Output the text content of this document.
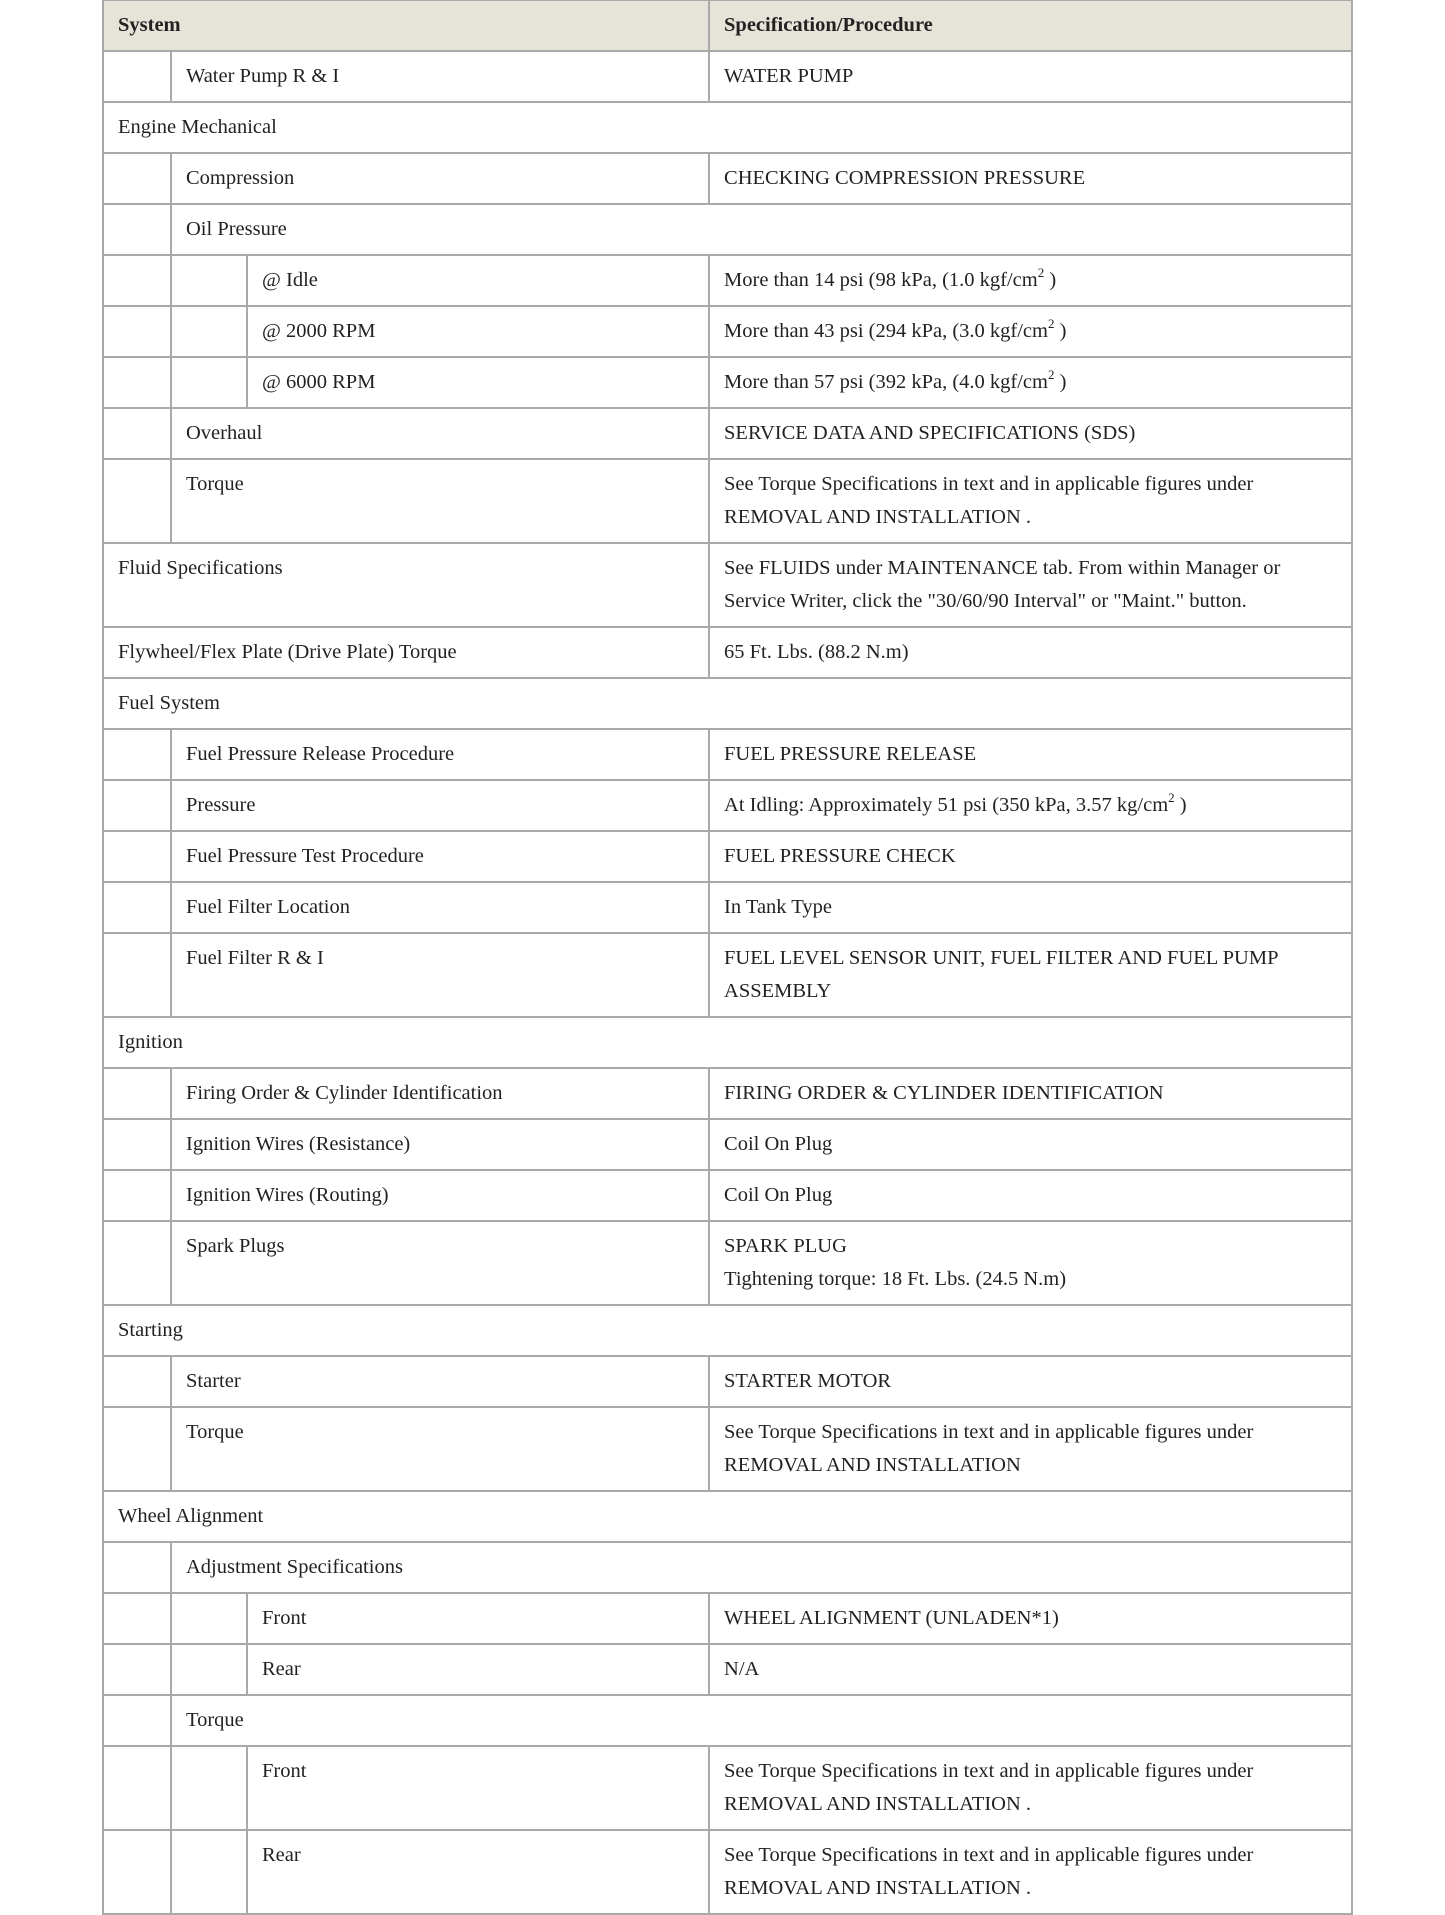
System			Specification/Procedure
	Water Pump R & I		WATER PUMP
Engine Mechanical			
	Compression		CHECKING COMPRESSION PRESSURE
	Oil Pressure		
		@ Idle	More than 14 psi (98 kPa, (1.0 kgf/$cm^2$ )
		@ 2000 RPM	More than 43 psi (294 kPa, (3.0 kgf/$cm^2$ )
		@ 6000 RPM	More than 57 psi (392 kPa, (4.0 kgf/$cm^2$ )
	Overhaul		SERVICE DATA AND SPECIFICATIONS (SDS)
	Torque		See Torque Specifications in text and in applicable figures under REMOVAL AND INSTALLATION .
Fluid Specifications			See FLUIDS under MAINTENANCE tab. From within Manager or Service Writer, click the "30/60/90 Interval" or "Maint." button.
Flywheel/Flex Plate (Drive Plate) Torque			65 Ft. Lbs. (88.2 N.m)
Fuel System			
	Fuel Pressure Release Procedure		FUEL PRESSURE RELEASE
	Pressure		At Idling: Approximately 51 psi (350 kPa, 3.57 $kg/cm^2$ )
	Fuel Pressure Test Procedure		FUEL PRESSURE CHECK
	Fuel Filter Location		In Tank Type
	Fuel Filter R & I		FUEL LEVEL SENSOR UNIT, FUEL FILTER AND FUEL PUMP ASSEMBLY
Ignition			
	Firing Order & Cylinder Identification		FIRING ORDER & CYLINDER IDENTIFICATION
	Ignition Wires (Resistance)		Coil On Plug
	Ignition Wires (Routing)		Coil On Plug
	Spark Plugs		SPARK PLUG
Tightening torque: 18 Ft. Lbs. (24.5 N.m)

Starting			
	Starter		STARTER MOTOR
	Torque		See Torque Specifications in text and in applicable figures under REMOVAL AND INSTALLATION
Wheel Alignment			
	Adjustment Specifications		
		Front	WHEEL ALIGNMENT (UNLADEN*1)
		Rear	N/A
	Torque		
		Front	See Torque Specifications in text and in applicable figures under REMOVAL AND INSTALLATION .
		Rear	See Torque Specifications in text and in applicable figures under REMOVAL AND INSTALLATION .
